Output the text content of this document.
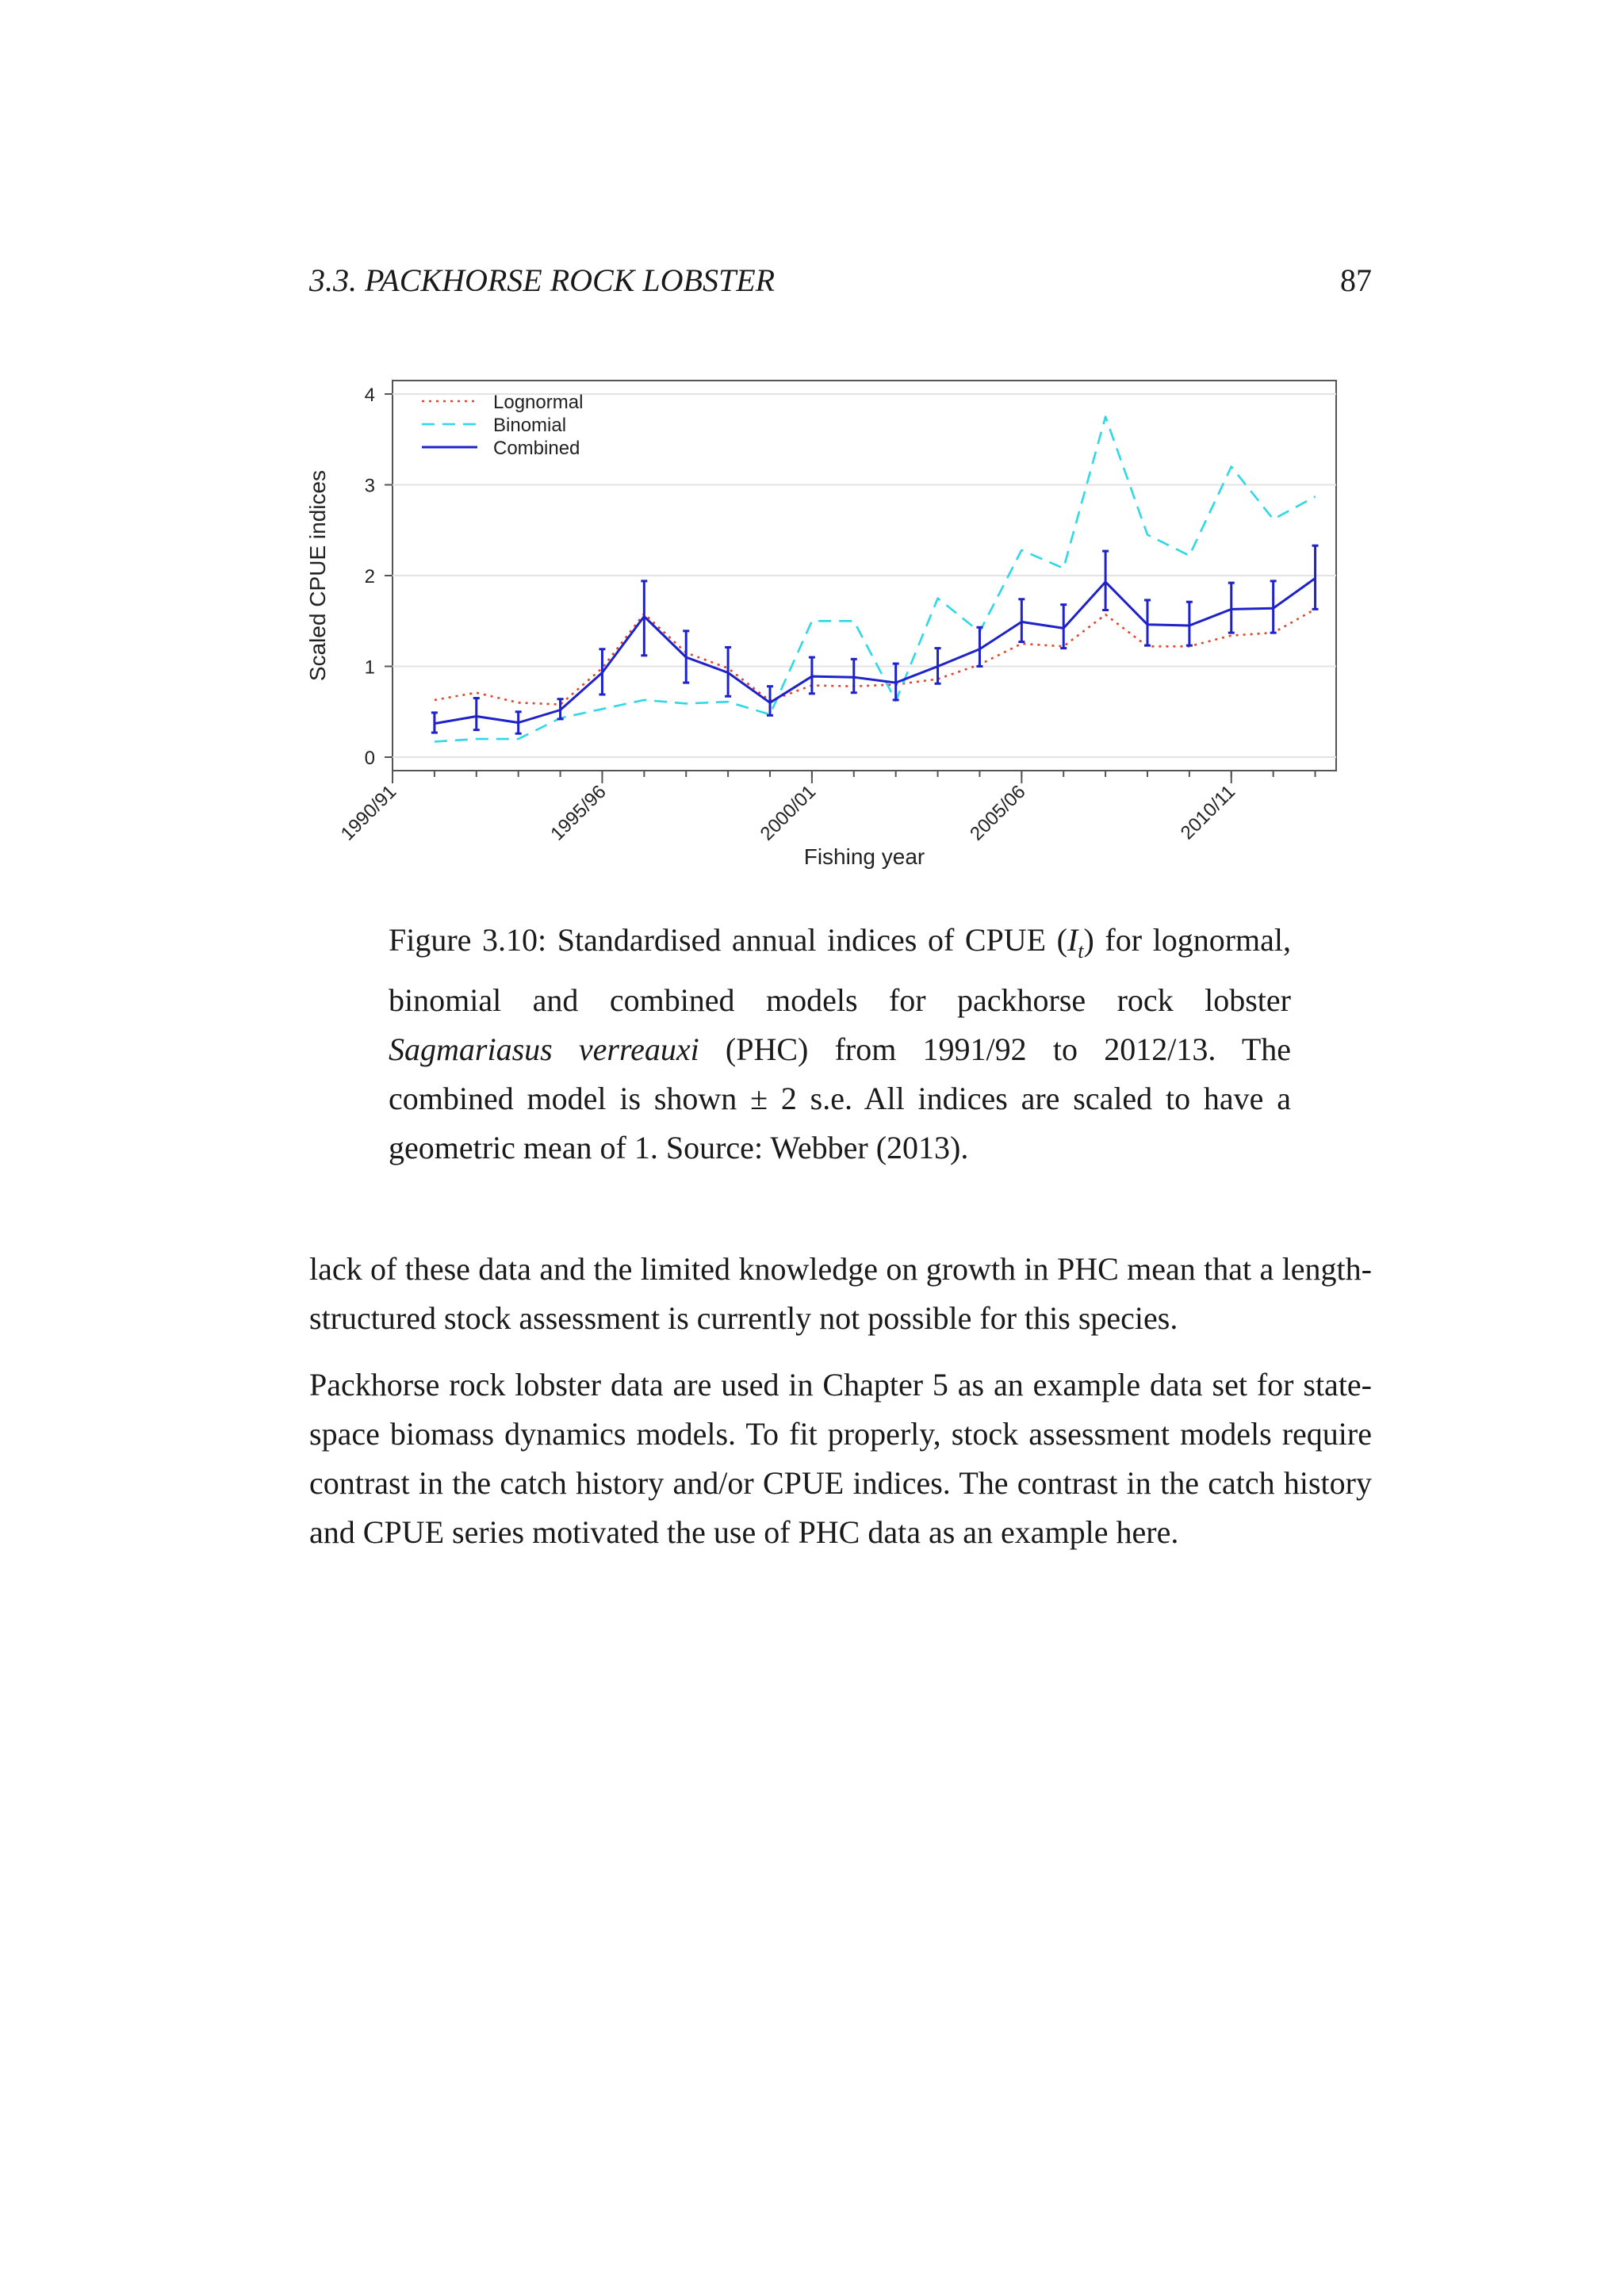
3.3. PACKHORSE ROCK LOBSTER	87
0
1
2
3
4
1990/91	1995/96	2000/01	2005/06	2010/11
Lognormal
Binomial
Combined
Scaled CPUE indices
Fishing year
Figure 3.10: Standardised annual indices of CPUE $(I_t)$ for lognormal, binomial and combined models for packhorse rock lobster Sagmariasus verreauxi (PHC) from 1991/92 to 2012/13. The combined model is shown ± 2 s.e. All indices are scaled to have a geometric mean of 1. Source: Webber (2013).

lack of these data and the limited knowledge on growth in PHC mean that a length-structured stock assessment is currently not possible for this species.

Packhorse rock lobster data are used in Chapter 5 as an example data set for state-space biomass dynamics models. To fit properly, stock assessment models require contrast in the catch history and/or CPUE indices. The contrast in the catch history and CPUE series motivated the use of PHC data as an example here.
